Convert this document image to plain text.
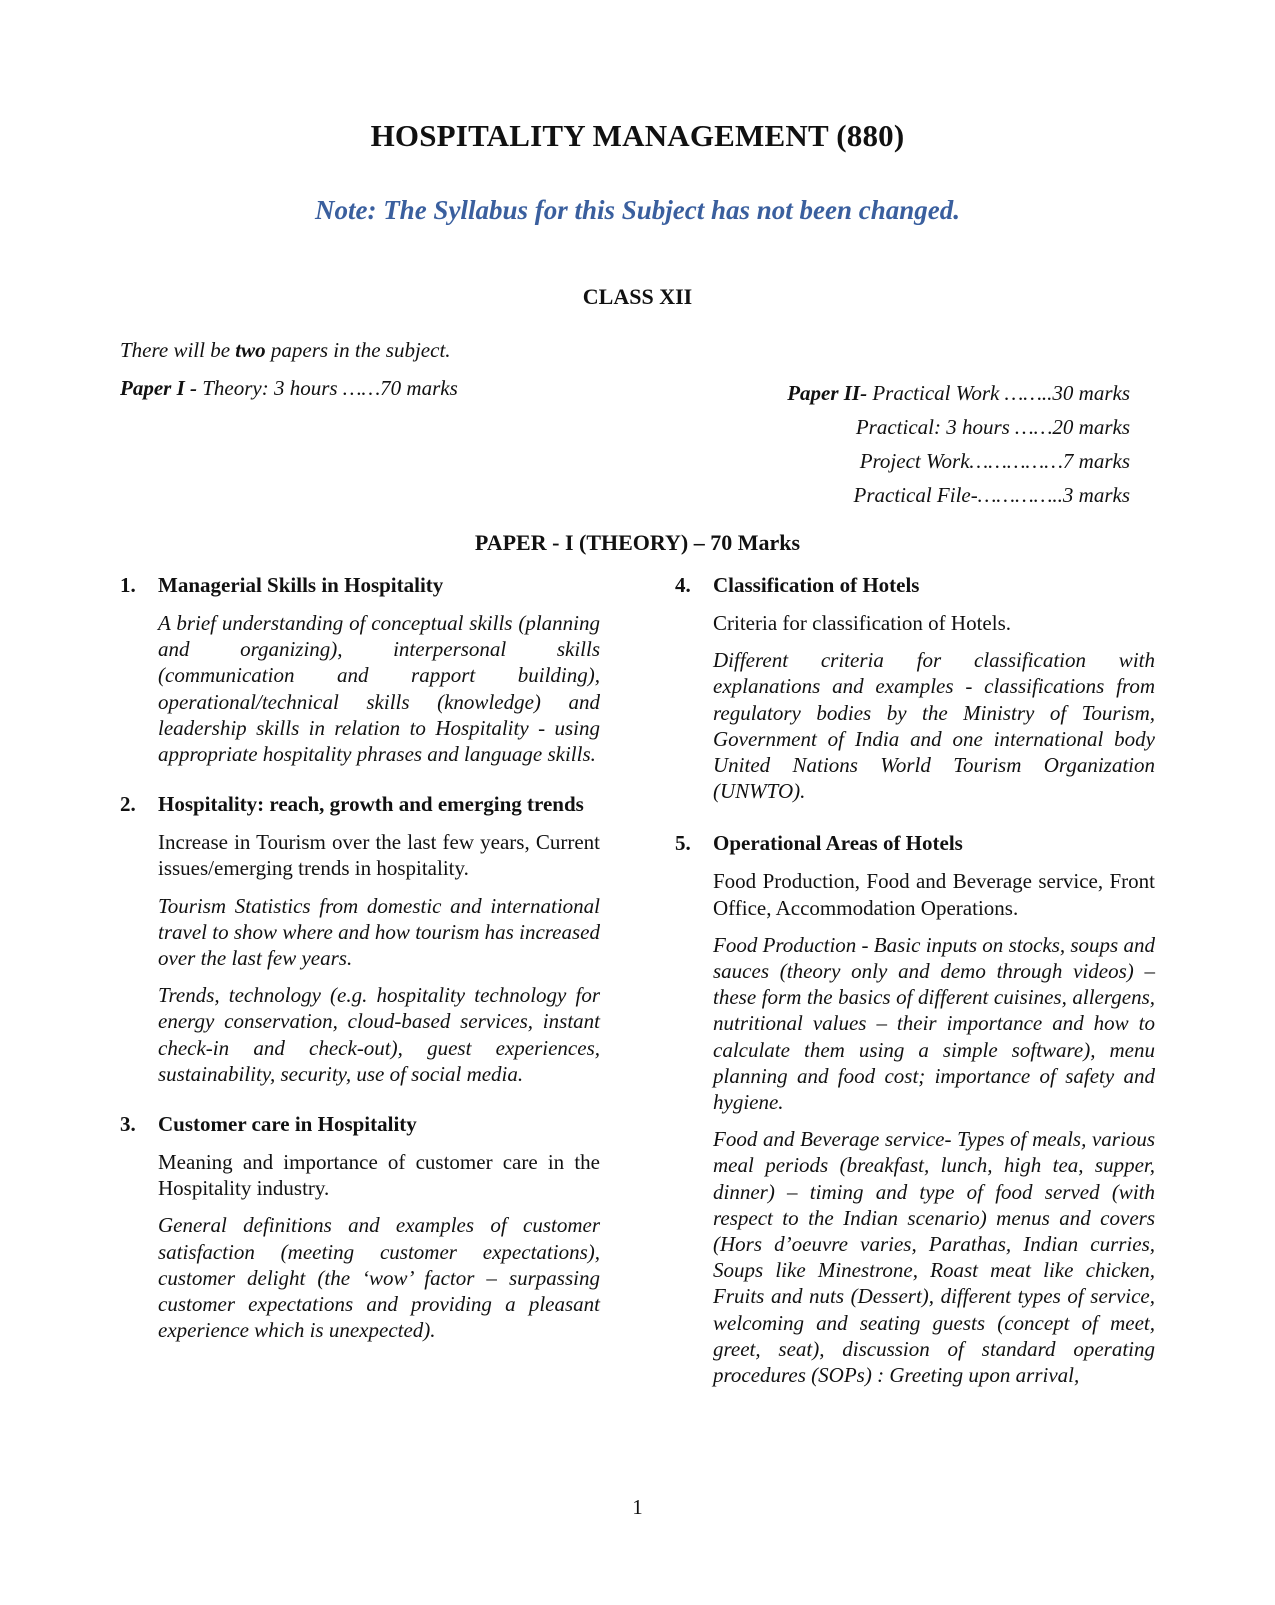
HOSPITALITY MANAGEMENT (880)
Note: The Syllabus for this Subject has not been changed.
CLASS XII
There will be two papers in the subject.
Paper I - Theory: 3 hours ……70 marks	Paper II- Practical Work ……..30 marks
Practical: 3 hours ……20 marks
Project Work……………7 marks
Practical File-…………..3 marks
PAPER - I (THEORY) – 70 Marks
1.	Managerial Skills in Hospitality
A brief understanding of conceptual skills (planning and organizing), interpersonal skills (communication and rapport building), operational/technical skills (knowledge) and leadership skills in relation to Hospitality - using appropriate hospitality phrases and language skills.
2.	Hospitality: reach, growth and emerging trends
Increase in Tourism over the last few years, Current issues/emerging trends in hospitality.
Tourism Statistics from domestic and international travel to show where and how tourism has increased over the last few years.
Trends, technology (e.g. hospitality technology for energy conservation, cloud-based services, instant check-in and check-out), guest experiences, sustainability, security, use of social media.
3.	Customer care in Hospitality
Meaning and importance of customer care in the Hospitality industry.
General definitions and examples of customer satisfaction (meeting customer expectations), customer delight (the ‘wow’ factor – surpassing customer expectations and providing a pleasant experience which is unexpected).
4.	Classification of Hotels
Criteria for classification of Hotels.
Different criteria for classification with explanations and examples - classifications from regulatory bodies by the Ministry of Tourism, Government of India and one international body United Nations World Tourism Organization (UNWTO).
5.	Operational Areas of Hotels
Food Production, Food and Beverage service, Front Office, Accommodation Operations.
Food Production - Basic inputs on stocks, soups and sauces (theory only and demo through videos) – these form the basics of different cuisines, allergens, nutritional values – their importance and how to calculate them using a simple software), menu planning and food cost; importance of safety and hygiene.
Food and Beverage service- Types of meals, various meal periods (breakfast, lunch, high tea, supper, dinner) – timing and type of food served (with respect to the Indian scenario) menus and covers (Hors d’oeuvre varies, Parathas, Indian curries, Soups like Minestrone, Roast meat like chicken, Fruits and nuts (Dessert), different types of service, welcoming and seating guests (concept of meet, greet, seat), discussion of standard operating procedures (SOPs) : Greeting upon arrival,
1
